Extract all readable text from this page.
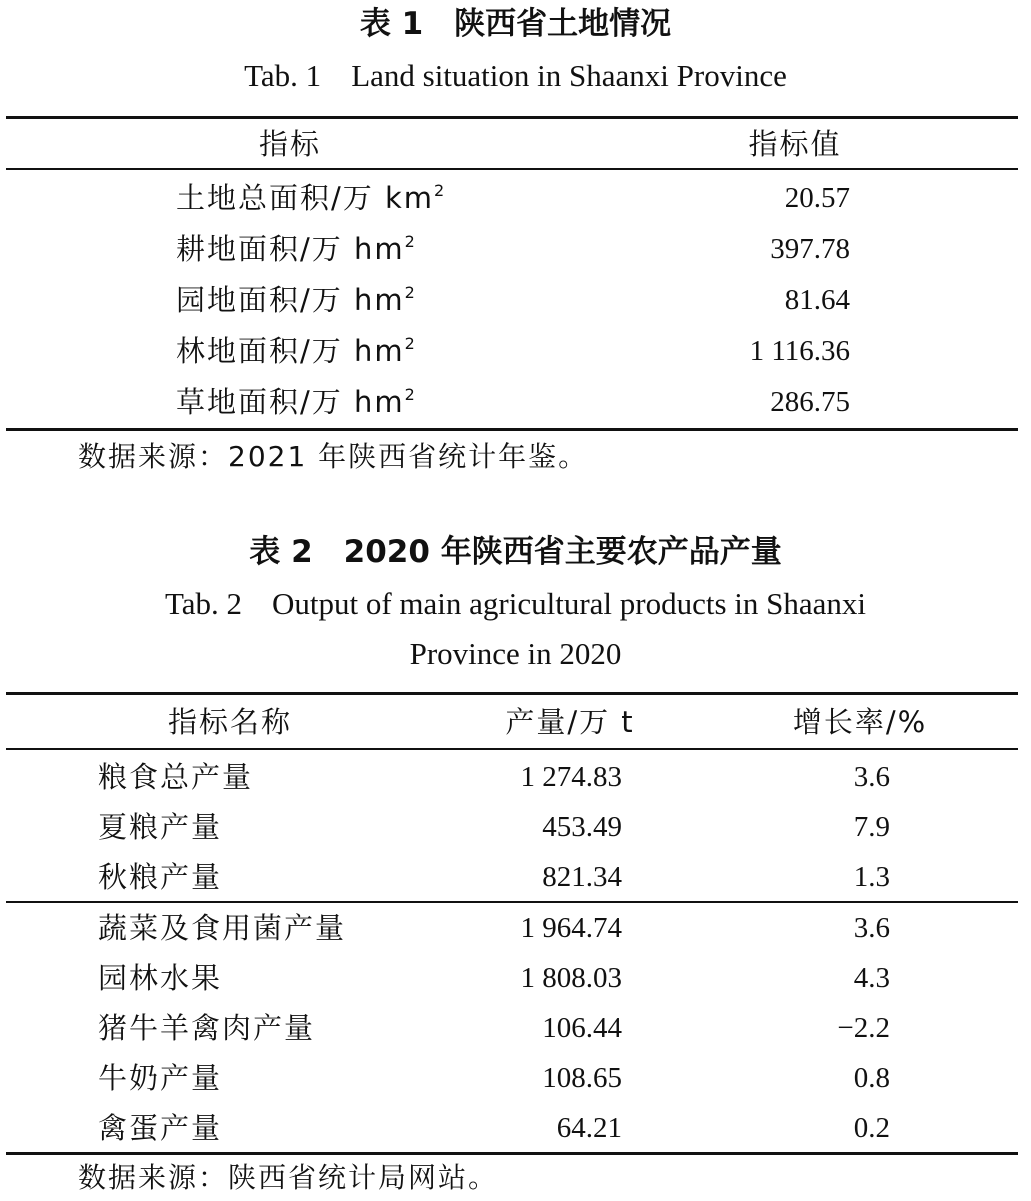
表 1　陕西省土地情况
Tab. 1 Land situation in Shaanxi Province
指标	指标值
土地总面积/万 $km^2$	20.57
耕地面积/万 $hm^2$	397.78
园地面积/万 $hm^2$	81.64
林地面积/万 $hm^2$	1 116.36
草地面积/万 $hm^2$	286.75
数据来源：2021 年陕西省统计年鉴。
表 2　2020 年陕西省主要农产品产量
Tab. 2 Output of main agricultural products in Shaanxi
Province in 2020
指标名称	产量/万 t	增长率/%
粮食总产量	1 274.83	3.6
夏粮产量	453.49	7.9
秋粮产量	821.34	1.3
蔬菜及食用菌产量	1 964.74	3.6
园林水果	1 808.03	4.3
猪牛羊禽肉产量	106.44	−2.2
牛奶产量	108.65	0.8
禽蛋产量	64.21	0.2
数据来源：陕西省统计局网站。
